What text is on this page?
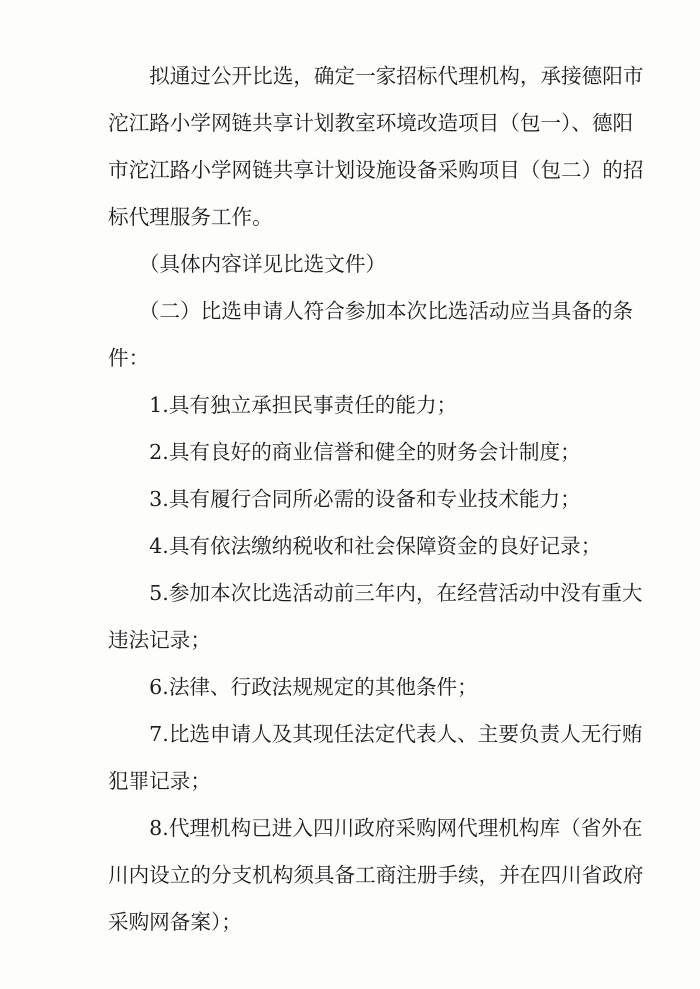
　　拟通过公开比选，确定一家招标代理机构，承接德阳市
沱江路小学网链共享计划教室环境改造项目（包一）、德阳
市沱江路小学网链共享计划设施设备采购项目（包二）的招
标代理服务工作。
　　（具体内容详见比选文件）
　　（二）比选申请人符合参加本次比选活动应当具备的条
件：
　　1.具有独立承担民事责任的能力；
　　2.具有良好的商业信誉和健全的财务会计制度；
　　3.具有履行合同所必需的设备和专业技术能力；
　　4.具有依法缴纳税收和社会保障资金的良好记录；
　　5.参加本次比选活动前三年内，在经营活动中没有重大
违法记录；
　　6.法律、行政法规规定的其他条件；
　　7.比选申请人及其现任法定代表人、主要负责人无行贿
犯罪记录；
　　8.代理机构已进入四川政府采购网代理机构库（省外在
川内设立的分支机构须具备工商注册手续，并在四川省政府
采购网备案）；
